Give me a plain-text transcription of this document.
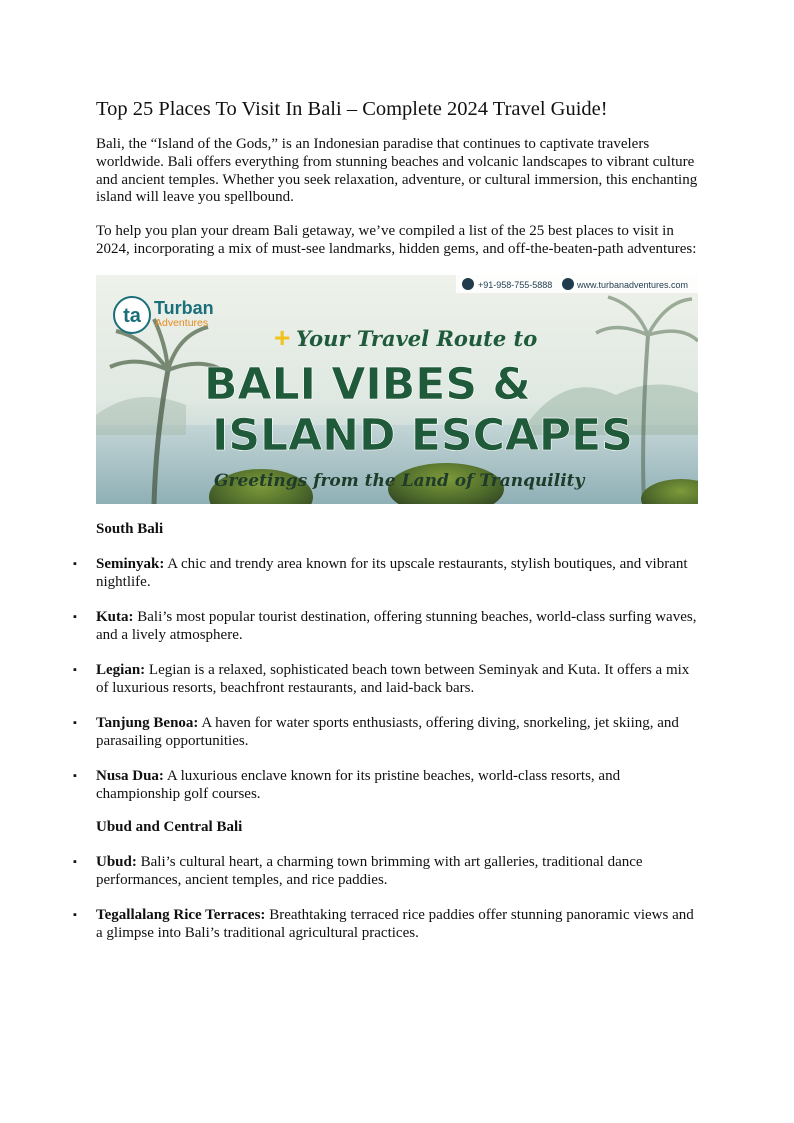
Top 25 Places To Visit In Bali – Complete 2024 Travel Guide!

Bali, the “Island of the Gods,” is an Indonesian paradise that continues to captivate travelers worldwide. Bali offers everything from stunning beaches and volcanic landscapes to vibrant culture and ancient temples. Whether you seek relaxation, adventure, or cultural immersion, this enchanting island will leave you spellbound.

To help you plan your dream Bali getaway, we’ve compiled a list of the 25 best places to visit in 2024, incorporating a mix of must-see landmarks, hidden gems, and off-the-beaten-path adventures:

+91-958-755-5888	www.turbanadventures.com
ta Turban
Adventures + Your Travel Route to
BALI VIBES &
ISLAND ESCAPES
Greetings from the Land of Tranquility
South Bali
▪ Seminyak: A chic and trendy area known for its upscale restaurants, stylish boutiques, and vibrant nightlife.
▪ Kuta: Bali’s most popular tourist destination, offering stunning beaches, world-class surfing waves, and a lively atmosphere.
▪ Legian: Legian is a relaxed, sophisticated beach town between Seminyak and Kuta. It offers a mix of luxurious resorts, beachfront restaurants, and laid-back bars.
▪ Tanjung Benoa: A haven for water sports enthusiasts, offering diving, snorkeling, jet skiing, and parasailing opportunities.
▪ Nusa Dua: A luxurious enclave known for its pristine beaches, world-class resorts, and championship golf courses.
Ubud and Central Bali
▪ Ubud: Bali’s cultural heart, a charming town brimming with art galleries, traditional dance performances, ancient temples, and rice paddies.
▪ Tegallalang Rice Terraces: Breathtaking terraced rice paddies offer stunning panoramic views and a glimpse into Bali’s traditional agricultural practices.
